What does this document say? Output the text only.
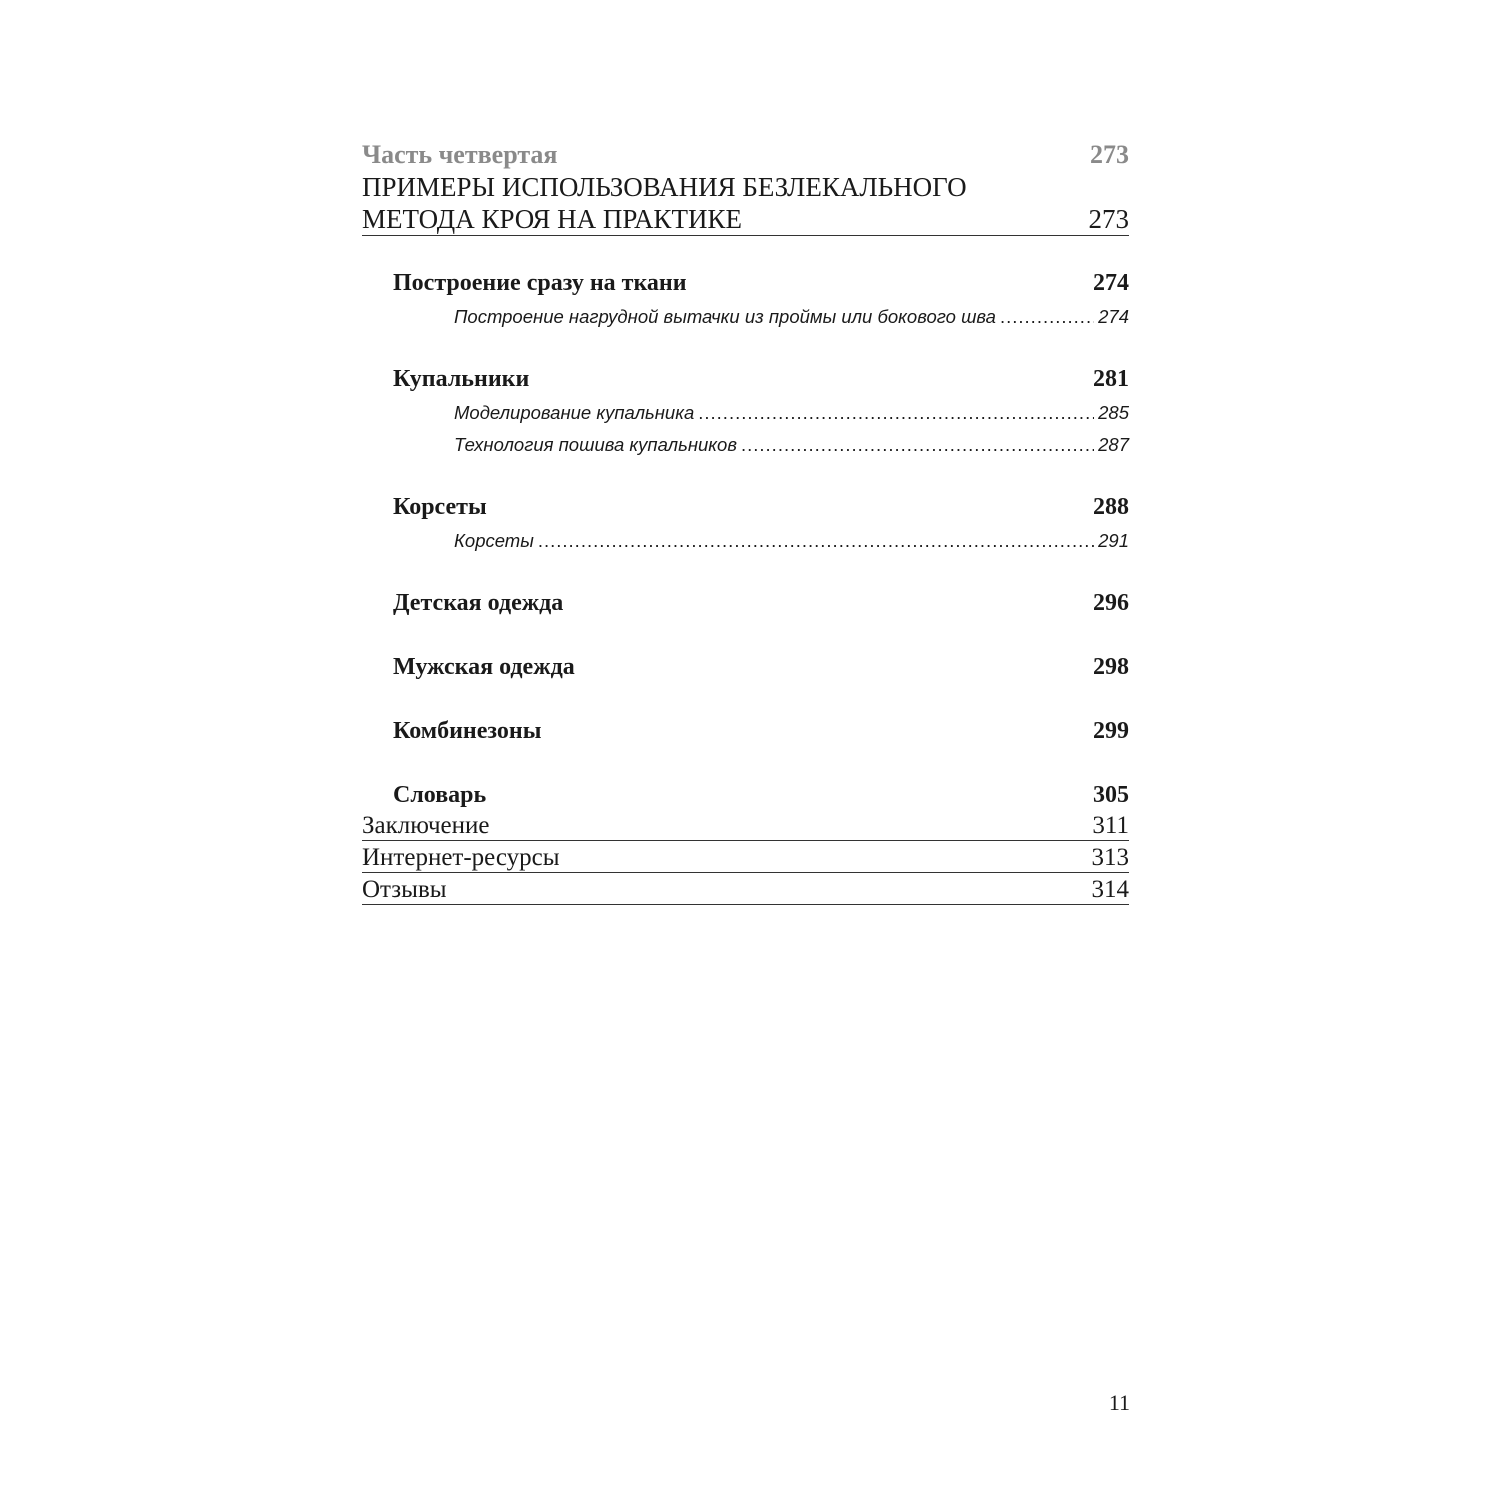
Часть четвертая	273
ПРИМЕРЫ ИСПОЛЬЗОВАНИЯ БЕЗЛЕКАЛЬНОГО
МЕТОДА КРОЯ НА ПРАКТИКЕ	273
Построение сразу на ткани	274
Построение нагрудной вытачки из проймы или бокового шва .....	274
Купальники	281
Моделирование купальника .....	285
Технология пошива купальников .....	287
Корсеты	288
Корсеты .....	291
Детская одежда	296
Мужская одежда	298
Комбинезоны	299
Словарь	305
Заключение	311
Интернет-ресурсы	313
Отзывы	314
11
